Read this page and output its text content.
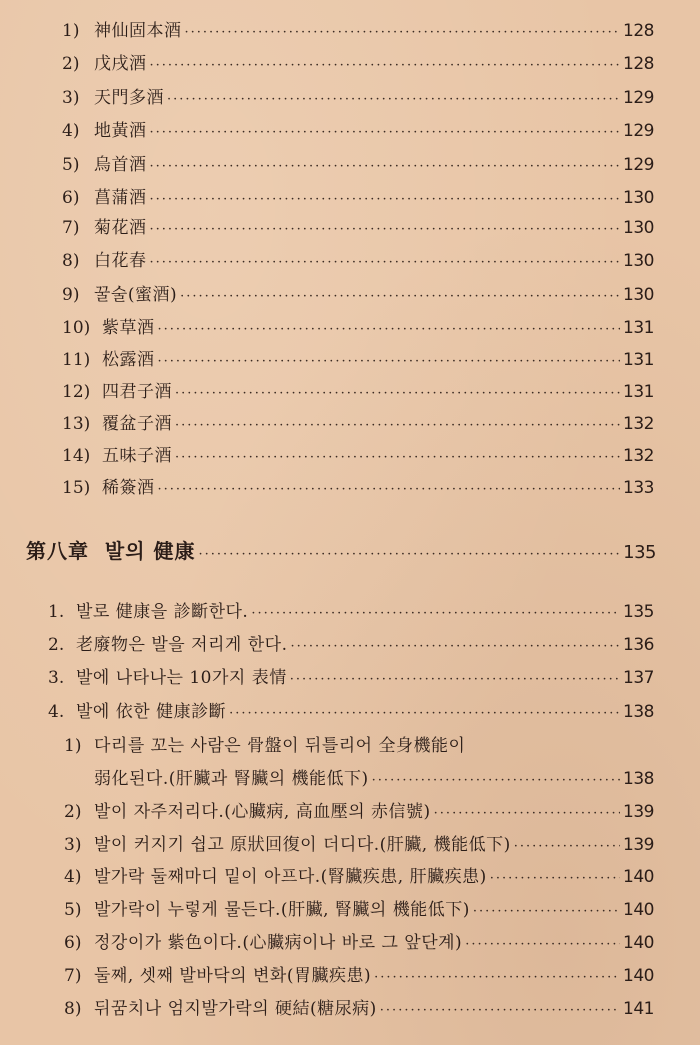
1) 神仙固本酒 ·····	128
2) 戊戌酒 ·····	128
3) 天門多酒 ·····	129
4) 地黃酒 ·····	129
5) 烏首酒 ·····	129
6) 菖蒲酒 ·····	130
7) 菊花酒 ·····	130
8) 白花春 ·····	130
9) 꿀술(蜜酒) ·····	130
10) 紫草酒 ·····	131
11) 松露酒 ·····	131
12) 四君子酒 ·····	131
13) 覆盆子酒 ·····	132
14) 五味子酒 ·····	132
15) 稀簽酒 ·····	133
第八章  발의 健康 ·····	135
1. 발로 健康을 診斷한다. ·····	135
2. 老廢物은 발을 저리게 한다. ·····	136
3. 발에 나타나는 10가지 表情 ·····	137
4. 발에 依한 健康診斷 ·····	138
1) 다리를 꼬는 사람은 骨盤이 뒤틀리어 全身機能이
弱化된다.(肝臟과 腎臟의 機能低下) ·····	138
2) 발이 자주저리다.(心臟病, 高血壓의 赤信號) ·····	139
3) 발이 커지기 쉽고 原狀回復이 더디다.(肝臟, 機能低下) ·····	139
4) 발가락 둘째마디 밑이 아프다.(腎臟疾患, 肝臟疾患) ·····	140
5) 발가락이 누렇게 물든다.(肝臟, 腎臟의 機能低下) ·····	140
6) 정강이가 紫色이다.(心臟病이나 바로 그 앞단계) ·····	140
7) 둘째, 셋째 발바닥의 변화(胃臟疾患) ·····	140
8) 뒤꿈치나 엄지발가락의 硬結(糖尿病) ·····	141
